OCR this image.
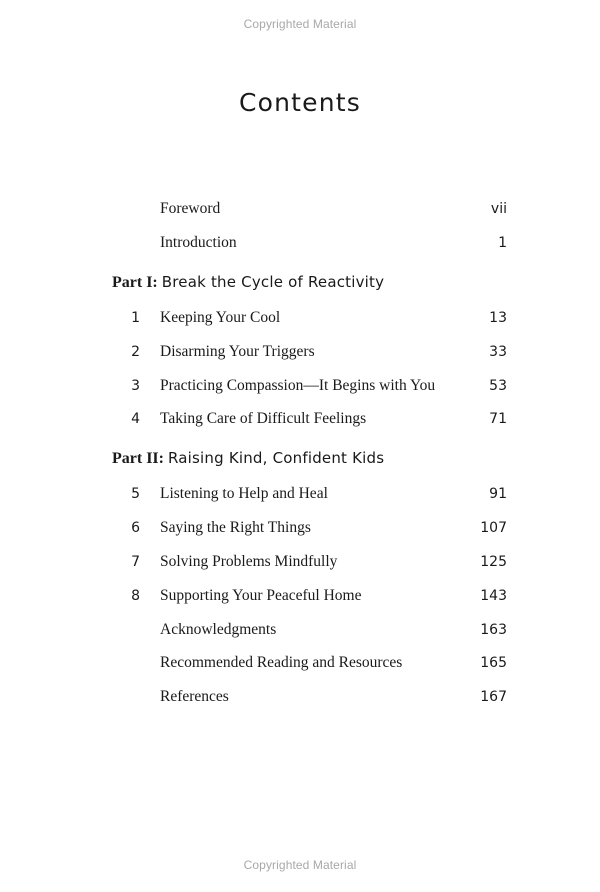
Copyrighted Material
Contents
Foreword	vii
Introduction	1
Part I: Break the Cycle of Reactivity
1 Keeping Your Cool	13
2 Disarming Your Triggers	33
3 Practicing Compassion—It Begins with You	53
4 Taking Care of Difficult Feelings	71
Part II: Raising Kind, Confident Kids
5 Listening to Help and Heal	91
6 Saying the Right Things	107
7 Solving Problems Mindfully	125
8 Supporting Your Peaceful Home	143
Acknowledgments	163
Recommended Reading and Resources	165
References	167
Copyrighted Material
